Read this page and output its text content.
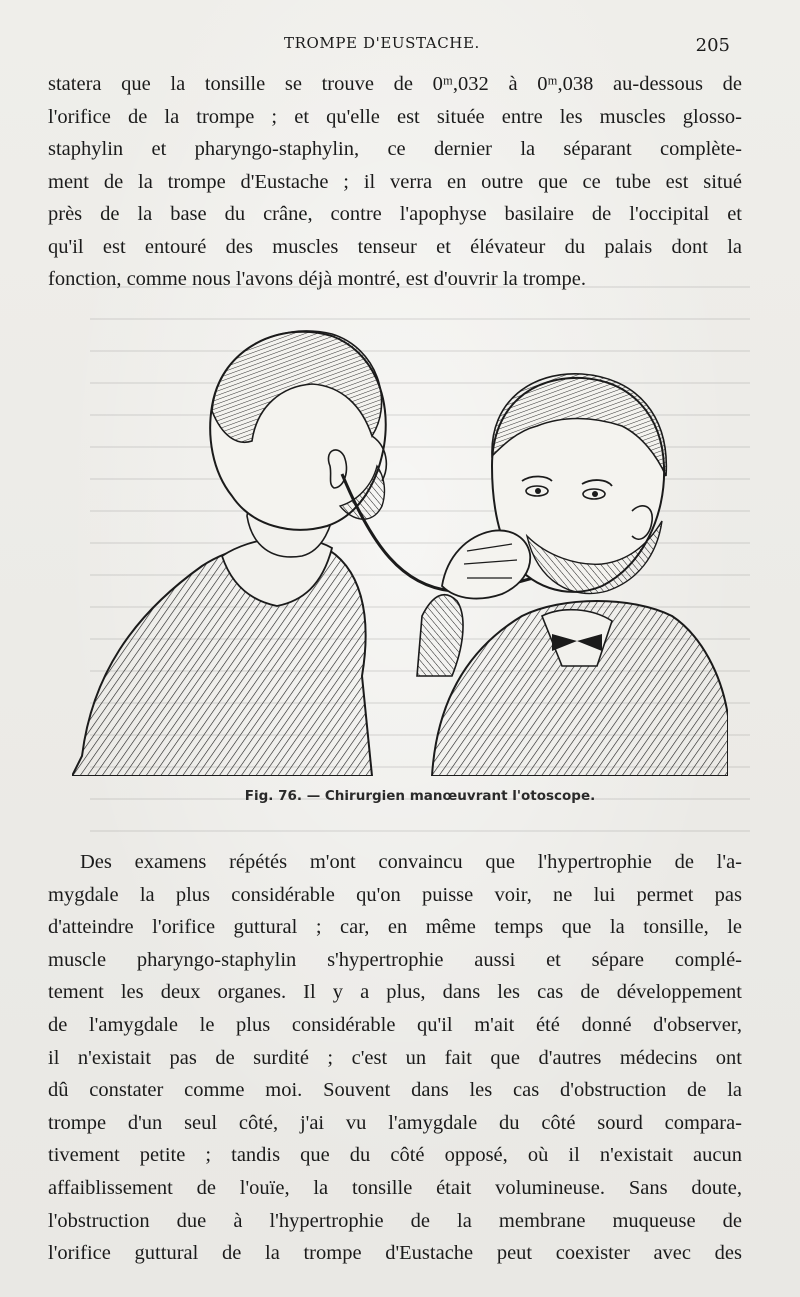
TROMPE D'EUSTACHE.	205

statera que la tonsille se trouve de 0ᵐ,032 à 0ᵐ,038 au-dessous de
l'orifice de la trompe ; et qu'elle est située entre les muscles glosso-
staphylin et pharyngo-staphylin, ce dernier la séparant complète-
ment de la trompe d'Eustache ; il verra en outre que ce tube est situé
près de la base du crâne, contre l'apophyse basilaire de l'occipital et
qu'il est entouré des muscles tenseur et élévateur du palais dont la
fonction, comme nous l'avons déjà montré, est d'ouvrir la trompe.

Fig. 76. — Chirurgien manœuvrant l'otoscope.

Des examens répétés m'ont convaincu que l'hypertrophie de l'a-
mygdale la plus considérable qu'on puisse voir, ne lui permet pas
d'atteindre l'orifice guttural ; car, en même temps que la tonsille, le
muscle pharyngo-staphylin s'hypertrophie aussi et sépare complé-
tement les deux organes. Il y a plus, dans les cas de développement
de l'amygdale le plus considérable qu'il m'ait été donné d'observer,
il n'existait pas de surdité ; c'est un fait que d'autres médecins ont
dû constater comme moi. Souvent dans les cas d'obstruction de la
trompe d'un seul côté, j'ai vu l'amygdale du côté sourd compara-
tivement petite ; tandis que du côté opposé, où il n'existait aucun
affaiblissement de l'ouïe, la tonsille était volumineuse. Sans doute,
l'obstruction due à l'hypertrophie de la membrane muqueuse de
l'orifice guttural de la trompe d'Eustache peut coexister avec des
